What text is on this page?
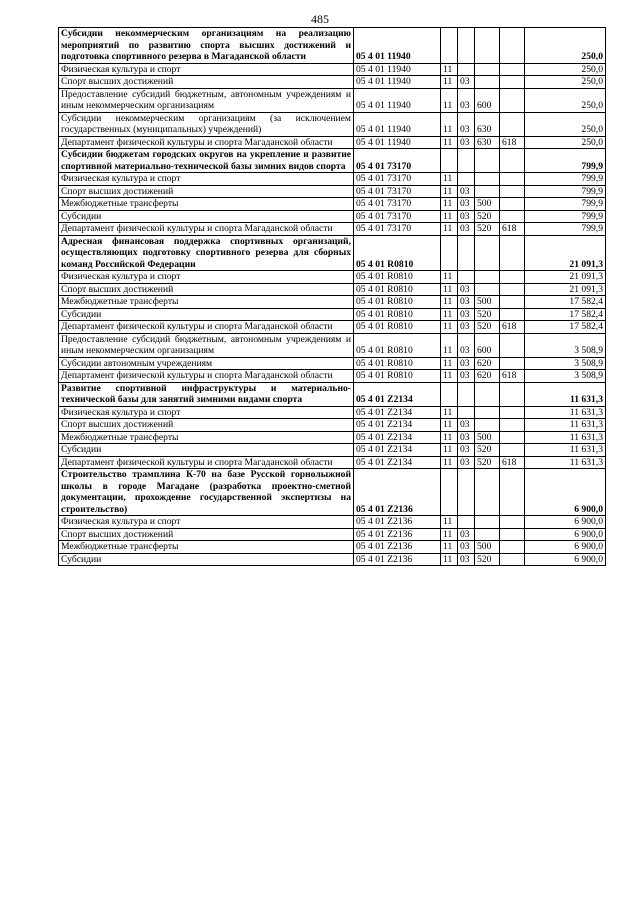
485
Субсидии некоммерческим организациям на реализацию мероприятий по развитию спорта высших достижений и подготовка спортивного резерва в Магаданской области	05 4 01 11940					250,0
Физическая культура и спорт	05 4 01 11940	11				250,0
Спорт высших достижений	05 4 01 11940	11	03			250,0
Предоставление субсидий бюджетным, автономным учреждениям и иным некоммерческим организациям	05 4 01 11940	11	03	600		250,0
Субсидии некоммерческим организациям (за исключением государственных (муниципальных) учреждений)	05 4 01 11940	11	03	630		250,0
Департамент физической культуры и спорта Магаданской области	05 4 01 11940	11	03	630	618	250,0
Субсидии бюджетам городских округов на укрепление и развитие спортивной материально-технической базы зимних видов спорта	05 4 01 73170					799,9
Физическая культура и спорт	05 4 01 73170	11				799,9
Спорт высших достижений	05 4 01 73170	11	03			799,9
Межбюджетные трансферты	05 4 01 73170	11	03	500		799,9
Субсидии	05 4 01 73170	11	03	520		799,9
Департамент физической культуры и спорта Магаданской области	05 4 01 73170	11	03	520	618	799,9
Адресная финансовая поддержка спортивных организаций, осуществляющих подготовку спортивного резерва для сборных команд Российской Федерации	05 4 01 R0810					21 091,3
Физическая культура и спорт	05 4 01 R0810	11				21 091,3
Спорт высших достижений	05 4 01 R0810	11	03			21 091,3
Межбюджетные трансферты	05 4 01 R0810	11	03	500		17 582,4
Субсидии	05 4 01 R0810	11	03	520		17 582,4
Департамент физической культуры и спорта Магаданской области	05 4 01 R0810	11	03	520	618	17 582,4
Предоставление субсидий бюджетным, автономным учреждениям и иным некоммерческим организациям	05 4 01 R0810	11	03	600		3 508,9
Субсидии автономным учреждениям	05 4 01 R0810	11	03	620		3 508,9
Департамент физической культуры и спорта Магаданской области	05 4 01 R0810	11	03	620	618	3 508,9
Развитие спортивной инфраструктуры и материально-технической базы для занятий зимними видами спорта	05 4 01 Z2134					11 631,3
Физическая культура и спорт	05 4 01 Z2134	11				11 631,3
Спорт высших достижений	05 4 01 Z2134	11	03			11 631,3
Межбюджетные трансферты	05 4 01 Z2134	11	03	500		11 631,3
Субсидии	05 4 01 Z2134	11	03	520		11 631,3
Департамент физической культуры и спорта Магаданской области	05 4 01 Z2134	11	03	520	618	11 631,3
Строительство трамплина К-70 на базе Русской горнолыжной школы в городе Магадане (разработка проектно-сметной документации, прохождение государственной экспертизы на строительство)	05 4 01 Z2136					6 900,0
Физическая культура и спорт	05 4 01 Z2136	11				6 900,0
Спорт высших достижений	05 4 01 Z2136	11	03			6 900,0
Межбюджетные трансферты	05 4 01 Z2136	11	03	500		6 900,0
Субсидии	05 4 01 Z2136	11	03	520		6 900,0
